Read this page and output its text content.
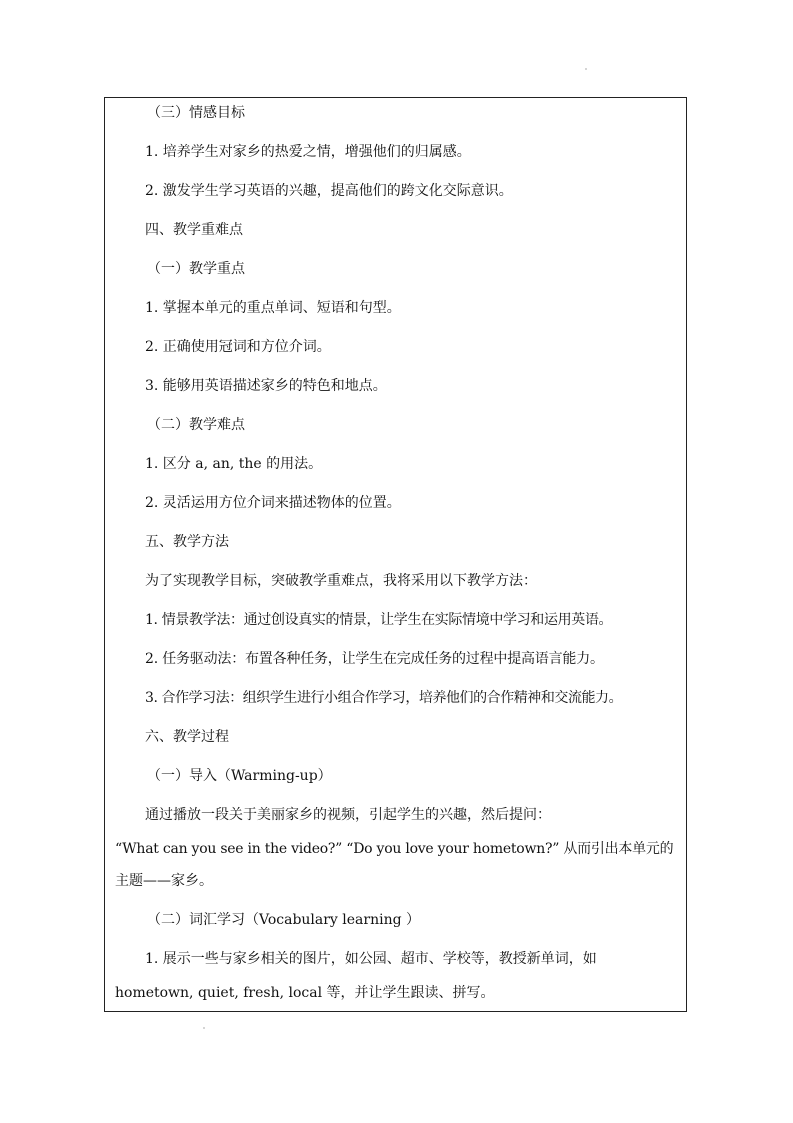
（三）情感目标
1. 培养学生对家乡的热爱之情，增强他们的归属感。
2. 激发学生学习英语的兴趣，提高他们的跨文化交际意识。
四、教学重难点
（一）教学重点
1. 掌握本单元的重点单词、短语和句型。
2. 正确使用冠词和方位介词。
3. 能够用英语描述家乡的特色和地点。
（二）教学难点
1. 区分 a, an, the 的用法。
2. 灵活运用方位介词来描述物体的位置。
五、教学方法
为了实现教学目标，突破教学重难点，我将采用以下教学方法：
1. 情景教学法：通过创设真实的情景，让学生在实际情境中学习和运用英语。
2. 任务驱动法：布置各种任务，让学生在完成任务的过程中提高语言能力。
3. 合作学习法：组织学生进行小组合作学习，培养他们的合作精神和交流能力。
六、教学过程
（一）导入（Warming-up）
通过播放一段关于美丽家乡的视频，引起学生的兴趣，然后提问：
“What can you see in the video?” “Do you love your hometown?” 从而引出本单元的
主题——家乡。
（二）词汇学习（Vocabulary learning ）
1. 展示一些与家乡相关的图片，如公园、超市、学校等，教授新单词，如
hometown, quiet, fresh, local 等，并让学生跟读、拼写。
